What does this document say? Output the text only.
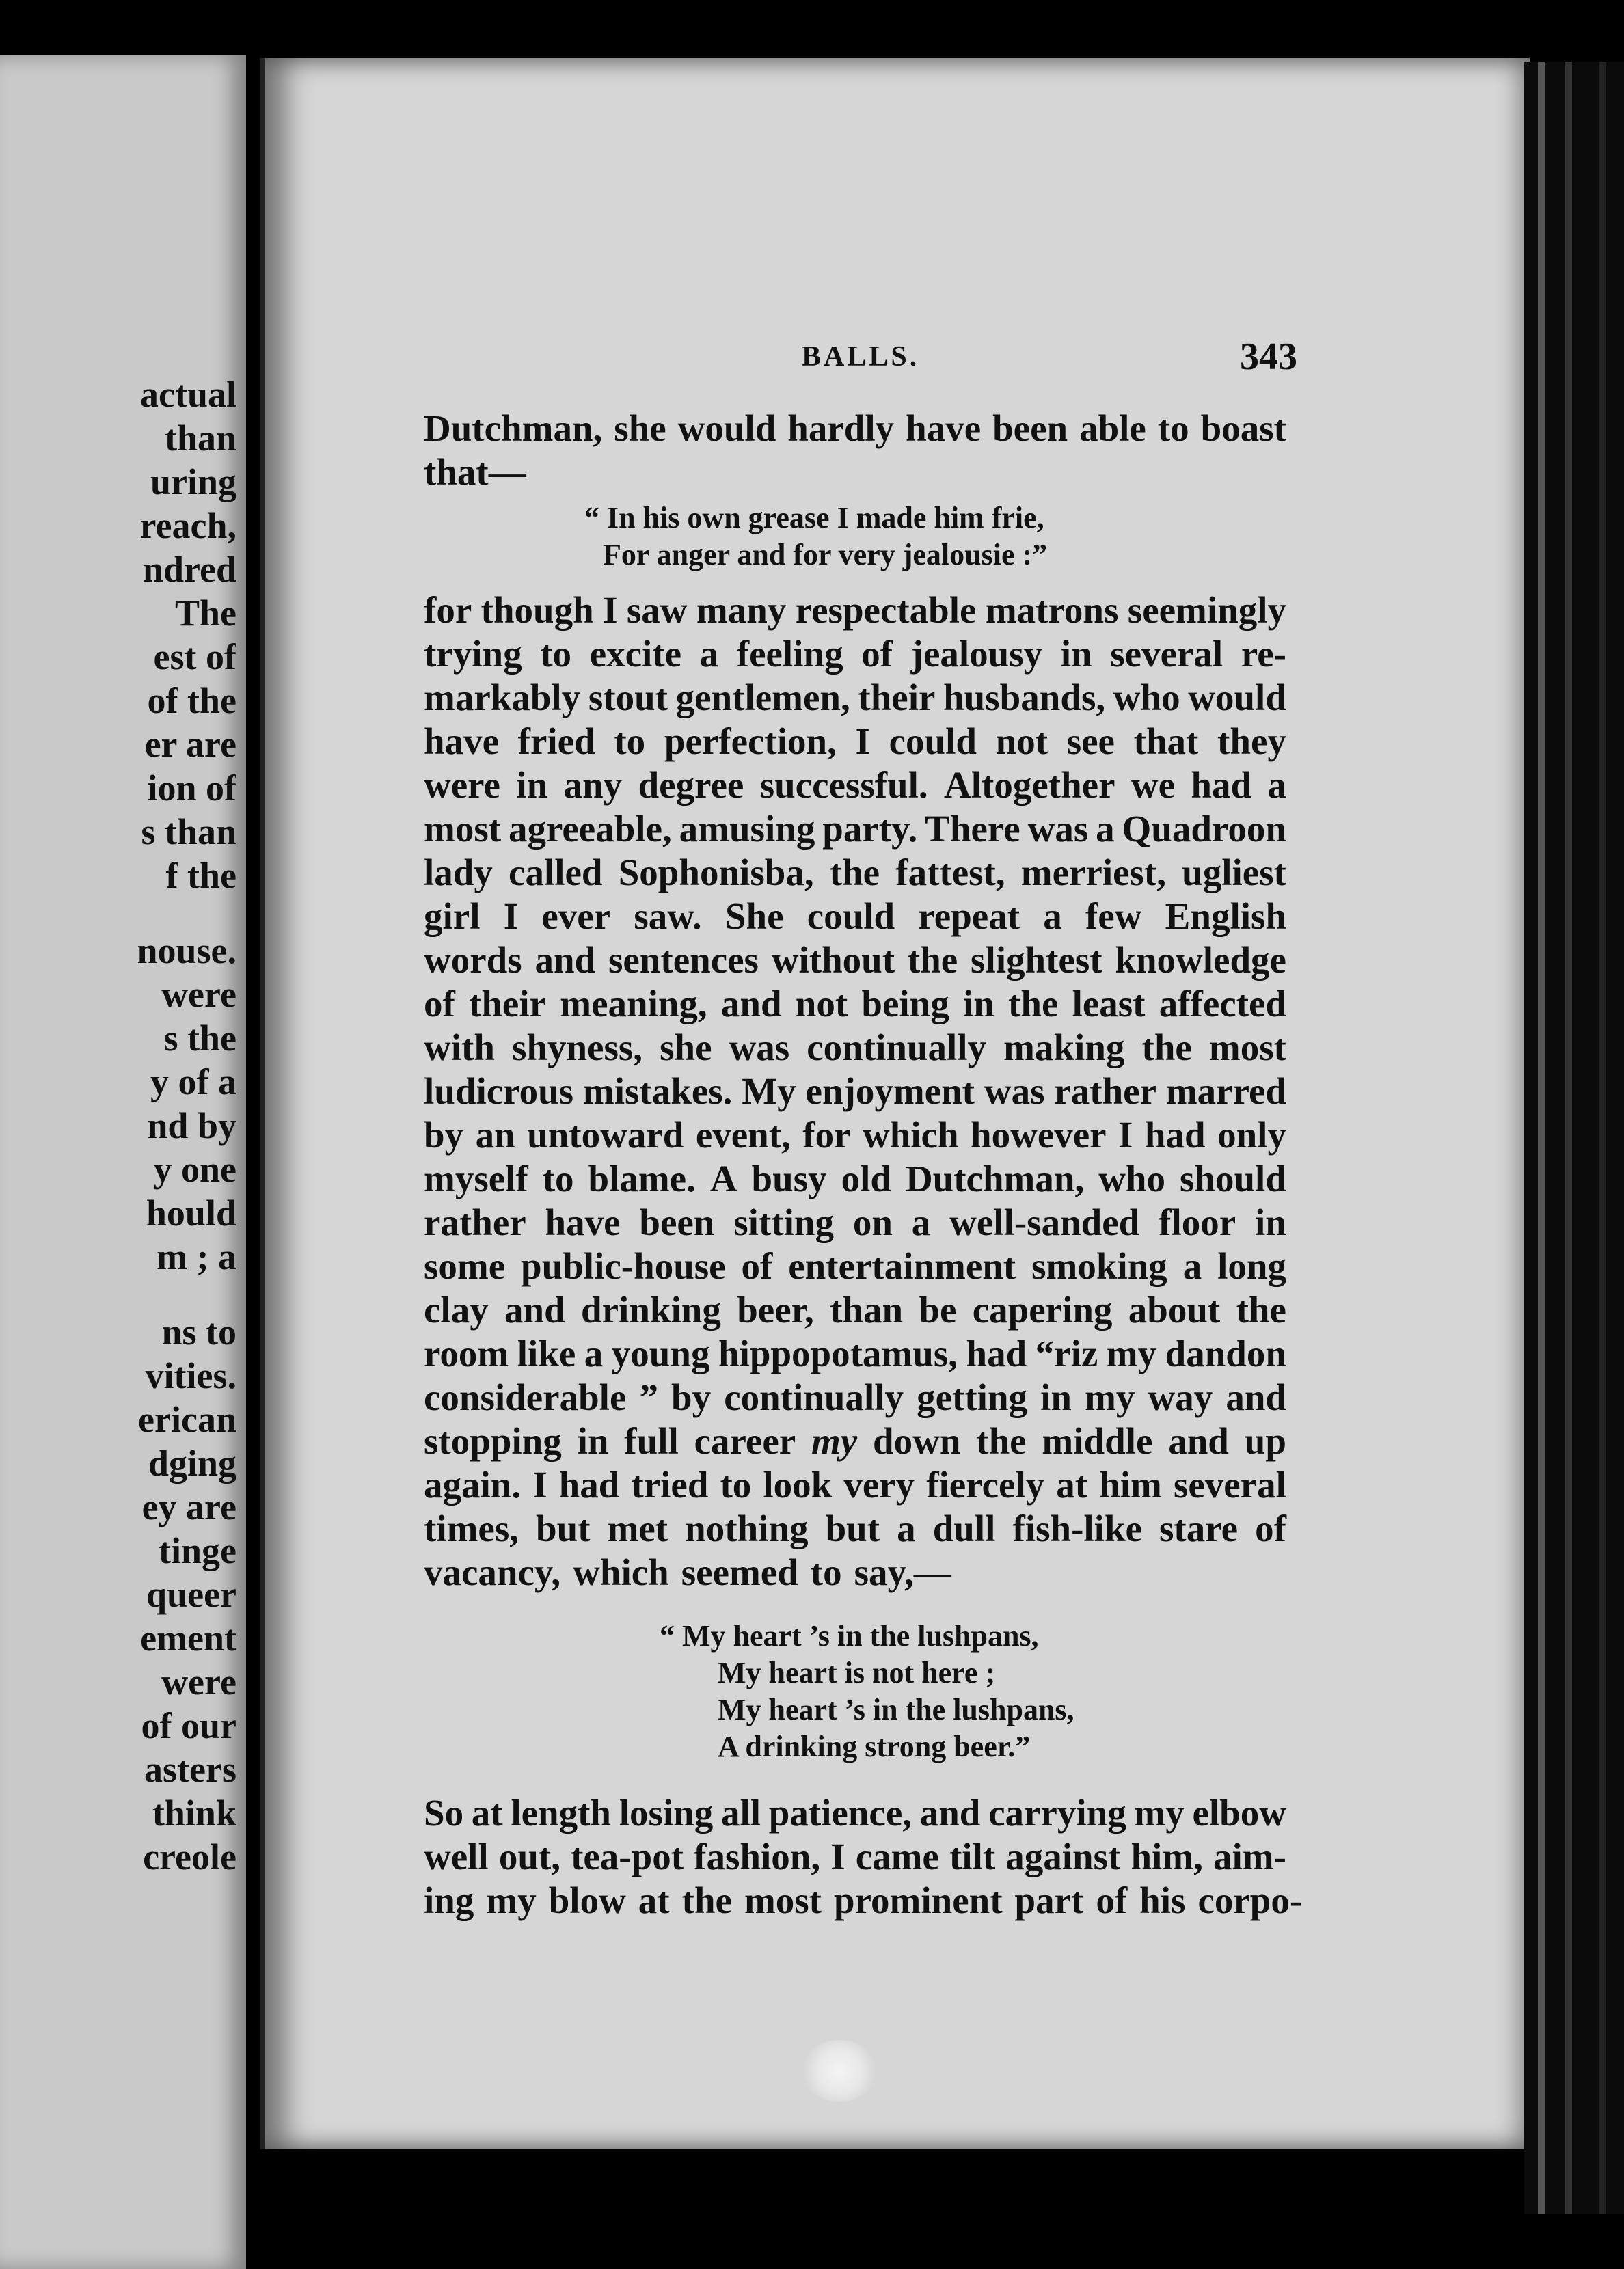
actual
than
uring
reach,
ndred
The
est of
of the
er are
ion of
s than
f the
nouse.
were
s the
y of a
nd by
y one
hould
m ; a
ns to
vities.
erican
dging
ey are
tinge
queer
ement
were
of our
asters
think
creole
BALLS.	343
Dutchman, she would hardly have been able to boast
that—
“ In his own grease I made him frie,
For anger and for very jealousie :”
for though I saw many respectable matrons seemingly
trying to excite a feeling of jealousy in several re-
markably stout gentlemen, their husbands, who would
have fried to perfection, I could not see that they
were in any degree successful. Altogether we had a
most agreeable, amusing party. There was a Quadroon
lady called Sophonisba, the fattest, merriest, ugliest
girl I ever saw. She could repeat a few English
words and sentences without the slightest knowledge
of their meaning, and not being in the least affected
with shyness, she was continually making the most
ludicrous mistakes. My enjoyment was rather marred
by an untoward event, for which however I had only
myself to blame. A busy old Dutchman, who should
rather have been sitting on a well-sanded floor in
some public-house of entertainment smoking a long
clay and drinking beer, than be capering about the
room like a young hippopotamus, had “riz my dandon
considerable ” by continually getting in my way and
stopping in full career my down the middle and up
again. I had tried to look very fiercely at him several
times, but met nothing but a dull fish-like stare of
vacancy, which seemed to say,—
“ My heart ’s in the lushpans,
My heart is not here ;
My heart ’s in the lushpans,
A drinking strong beer.”
So at length losing all patience, and carrying my elbow
well out, tea-pot fashion, I came tilt against him, aim-
ing my blow at the most prominent part of his corpo-
